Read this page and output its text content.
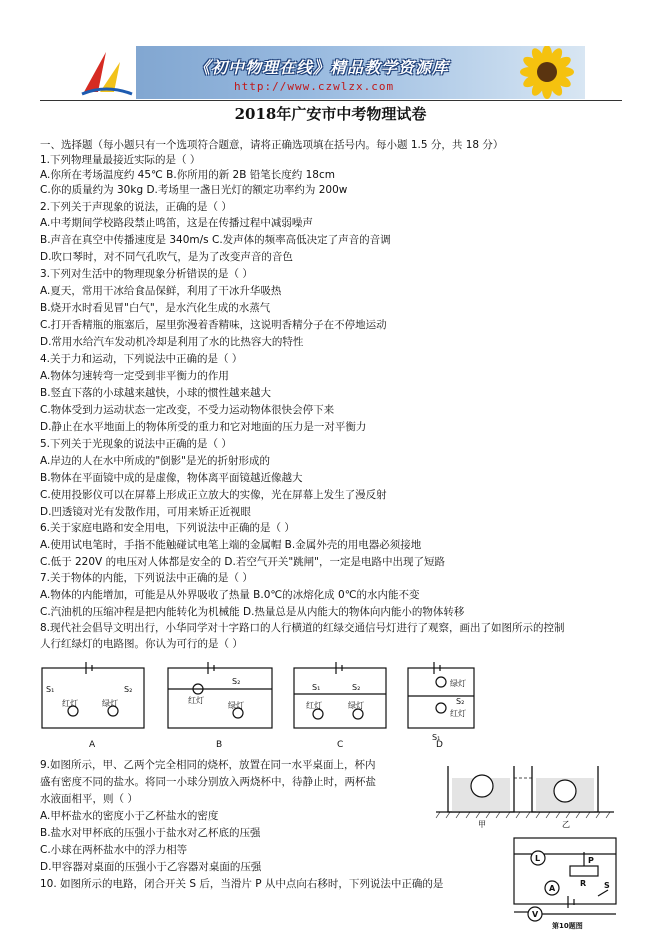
《初中物理在线》精品教学资源库
http://www.czwlzx.com
2018年广安市中考物理试卷
一、选择题（每小题只有一个选项符合题意，请将正确选项填在括号内。每小题 1.5 分，共 18 分）
1.下列物理量最接近实际的是（ ）
A.你所在考场温度约 45℃ B.你所用的新 2B 铅笔长度约 18cm
C.你的质量约为 30kg D.考场里一盏日光灯的额定功率约为 200w
2.下列关于声现象的说法，正确的是（ ）
A.中考期间学校路段禁止鸣笛，这是在传播过程中减弱噪声
B.声音在真空中传播速度是 340m/s C.发声体的频率高低决定了声音的音调
D.吹口琴时，对不同气孔吹气，是为了改变声音的音色
3.下列对生活中的物理现象分析错误的是（ ）
A.夏天，常用干冰给食品保鲜，利用了干冰升华吸热
B.烧开水时看见冒"白气"，是水汽化生成的水蒸气
C.打开香精瓶的瓶塞后，屋里弥漫着香精味，这说明香精分子在不停地运动
D.常用水给汽车发动机冷却是利用了水的比热容大的特性
4.关于力和运动，下列说法中正确的是（ ）
A.物体匀速转弯一定受到非平衡力的作用
B.竖直下落的小球越来越快，小球的惯性越来越大
C.物体受到力运动状态一定改变，不受力运动物体很快会停下来
D.静止在水平地面上的物体所受的重力和它对地面的压力是一对平衡力
5.下列关于光现象的说法中正确的是（ ）
A.岸边的人在水中所成的"倒影"是光的折射形成的
B.物体在平面镜中成的是虚像，物体离平面镜越近像越大
C.使用投影仪可以在屏幕上形成正立放大的实像，光在屏幕上发生了漫反射
D.凹透镜对光有发散作用，可用来矫正近视眼
6.关于家庭电路和安全用电，下列说法中正确的是（ ）
A.使用试电笔时，手指不能触碰试电笔上端的金属帽 B.金属外壳的用电器必须接地
C.低于 220V 的电压对人体都是安全的 D.若空气开关"跳闸"，一定是电路中出现了短路
7.关于物体的内能，下列说法中正确的是（ ）
A.物体的内能增加，可能是从外界吸收了热量 B.0℃的冰熔化成 0℃的水内能不变
C.汽油机的压缩冲程是把内能转化为机械能 D.热量总是从内能大的物体向内能小的物体转移
8.现代社会倡导文明出行，小华同学对十字路口的人行横道的红绿交通信号灯进行了观察，画出了如图所示的控制
人行红绿灯的电路图。你认为可行的是（ ）
9.如图所示，甲、乙两个完全相同的烧杯，放置在同一水平桌面上，杯内
盛有密度不同的盐水。将同一小球分别放入两烧杯中，待静止时，两杯盐
水液面相平，则（ ）
A.甲杯盐水的密度小于乙杯盐水的密度
B.盐水对甲杯底的压强小于盐水对乙杯底的压强
C.小球在两杯盐水中的浮力相等
D.甲容器对桌面的压强小于乙容器对桌面的压强
10. 如图所示的电路，闭合开关 S 后，当滑片 P 从中点向右移时，下列说法中正确的是
S₁	S₂
红灯	绿灯
S₂
红灯
绿灯
S₁	S₂
红灯	绿灯
绿灯
S₂
红灯
S₁
A	B	C	D
甲	乙
L	P
R
A	S
V
第10题图
